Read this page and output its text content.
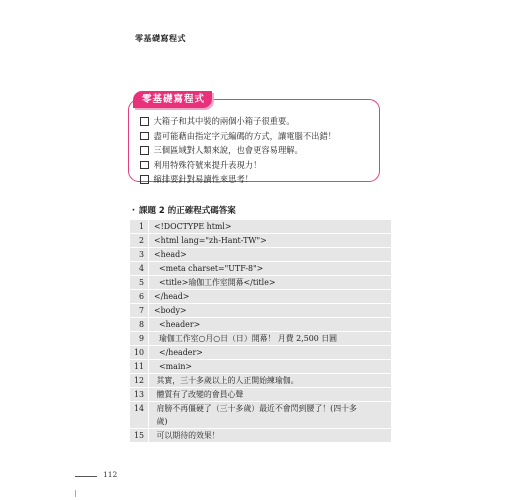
零基礎寫程式
零基礎寫程式
大箱子和其中裝的兩個小箱子很重要。
盡可能藉由指定字元編碼的方式，讓電腦不出錯！
三個區域對人類來說，也會更容易理解。
利用特殊符號來提升表現力！
縮排要針對易讀性來思考！
‧ 課題 2 的正確程式碼答案
1	<!DOCTYPE html>
2	<html lang="zh-Hant-TW">
3	<head>
4	<meta charset="UTF-8">
5	<title>瑜伽工作室開幕</title>
6	</head>
7	<body>
8	<header>
9	瑜伽工作室○月○日（日）開幕！ 月費 2,500 日圓
10	</header>
11	<main>
12	其實，三十多歲以上的人正開始練瑜伽。
13	體質有了改變的會員心聲
14	肩膀不再僵硬了（三十多歲）最近不會閃到腰了！(四十多
歲)
15	可以期待的效果！
112
